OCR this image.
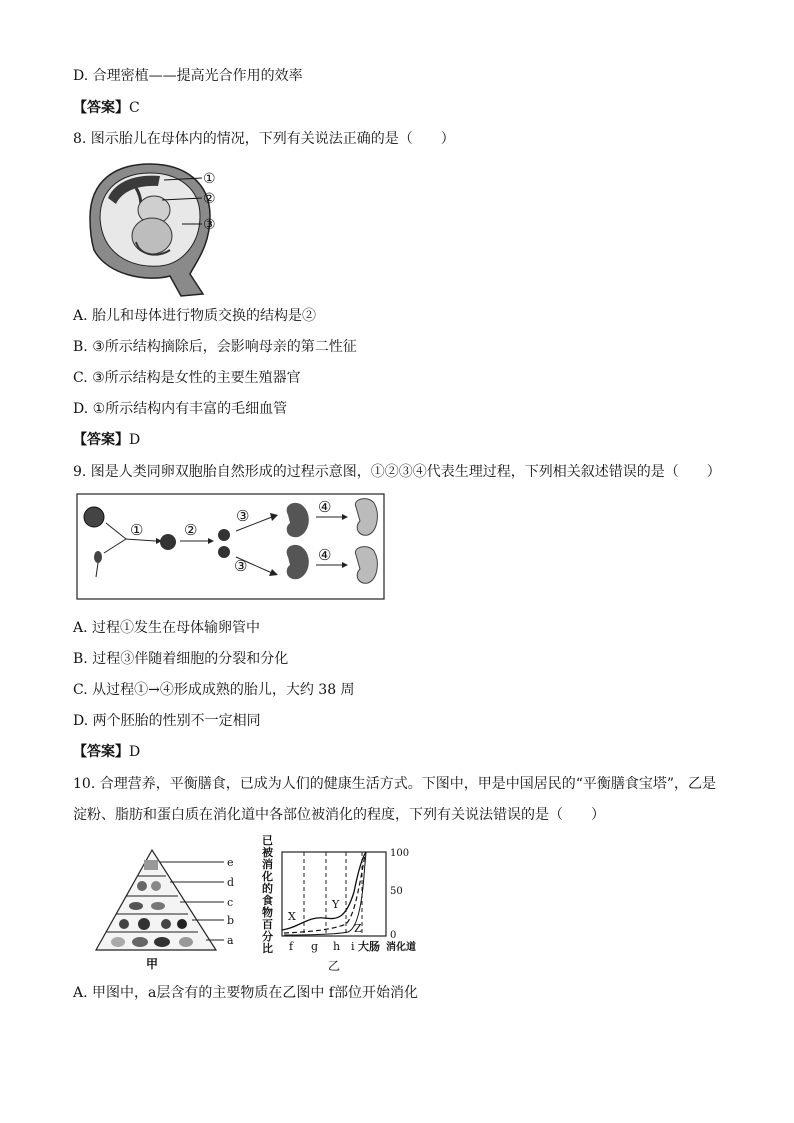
D. 合理密植——提高光合作用的效率
【答案】C
8. 图示胎儿在母体内的情况，下列有关说法正确的是（　　）
①
②
③
A. 胎儿和母体进行物质交换的结构是②
B. ③所示结构摘除后，会影响母亲的第二性征
C. ③所示结构是女性的主要生殖器官
D. ①所示结构内有丰富的毛细血管
【答案】D
9. 图是人类同卵双胞胎自然形成的过程示意图，①②③④代表生理过程，下列相关叙述错误的是（　　）
①	②
③
③
④
④
A. 过程①发生在母体输卵管中
B. 过程③伴随着细胞的分裂和分化
C. 从过程①→④形成成熟的胎儿，大约 38 周
D. 两个胚胎的性别不一定相同
【答案】D
10. 合理营养，平衡膳食，已成为人们的健康生活方式。下图中，甲是中国居民的“平衡膳食宝塔”，乙是
淀粉、脂肪和蛋白质在消化道中各部位被消化的程度，下列有关说法错误的是（　　）
e
d
c
b
a
甲
已
被
消
化
的
食
物
百
分
比
X
Y
Z
100
50
0
f g h i 大肠 消化道
乙
A. 甲图中，a层含有的主要物质在乙图中 f部位开始消化
